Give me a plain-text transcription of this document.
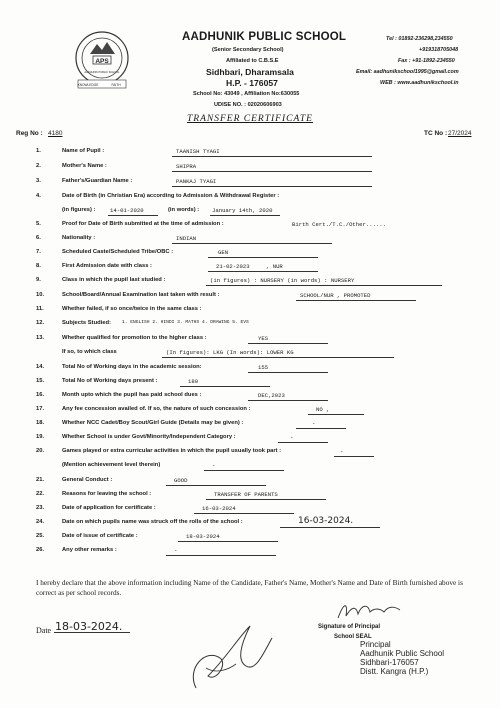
APS
KNOWLEDGE	FAITH
AADHUNIK PUBLIC SCHOOL
AADHUNIK PUBLIC SCHOOL
(Senior Secondary School)
Affiliated to C.B.S.E
Sidhbari, Dharamsala
H.P. - 176057
School No: 43049 , Affiliation No:630055
UDISE NO. : 02020606903
Tel : 01892-236298,234550
+919318705048
Fax : +91-1892-234550
Email: aadhunikschool1995@gmail.com
WEB : www.aadhunikschool.in
TRANSFER CERTIFICATE
Reg No : 4180	TC No : 27/2024
1.	Name of Pupil :	TAANISH TYAGI
2.	Mother's Name :	SHIPRA
3.	Father's/Guardian Name :	PANKAJ TYAGI
4.	Date of Birth (in Christian Era) according to Admission & Withdrawal Register :
(in figures) :	14-01-2020	(in words) : January 14th, 2020
5.	Proof for Date of Birth submitted at the time of admission :	Birth Cert./T.C./Other......
6.	Nationality :	INDIAN
7.	Scheduled Caste/Scheduled Tribe/OBC :	GEN
8.	First Admission date with class :	21-02-2023	, NUR
9.	Class in which the pupil last studied :	(in figures) : NURSERY (in words) : NURSERY
10.	School/Board/Annual Examination last taken with result :	SCHOOL/NUR , PROMOTED
11.	Whether failed, if so once/twice in the same class :
12.	Subjects Studied: 1. ENGLISH 2. HINDI 3. MATHS 4. DRAWING 5. EVS
13.	Whether qualified for promotion to the higher class :	YES
If so, to which class	(In figures): LKG (In words): LOWER KG
14.	Total No of Working days in the academic session:	155
15.	Total No of Working days present :	180
16.	Month upto which the pupil has paid school dues :	DEC,2023
17.	Any fee concession availed of. If so, the nature of such concession :	NO ,
18.	Whether NCC Cadet/Boy Scout/Girl Guide (Details may be given) :	-
19.	Whether School is under Govt/Minority/Independent Category :	-
20.	Games played or extra curricular activities in which the pupil usually took part :	-
(Mention achievement level therein)	-
21.	General Conduct :	GOOD
22.	Reasons for leaving the school :	TRANSFER OF PARENTS
23.	Date of application for certificate :	16-03-2024
24.	Date on which pupils name was struck off the rolls of the school :	16-03-2024.
25.	Date of issue of certificate :	18-03-2024
26.	Any other remarks :	-
I hereby declare that the above information including Name of the Candidate, Father's Name, Mother's Name and Date of Birth furnished above is correct as per school records.
Signature of Principal
School SEAL
Date 18-03-2024.
Principal
Aadhunik Public School
Sidhbari-176057
Distt. Kangra (H.P.)
